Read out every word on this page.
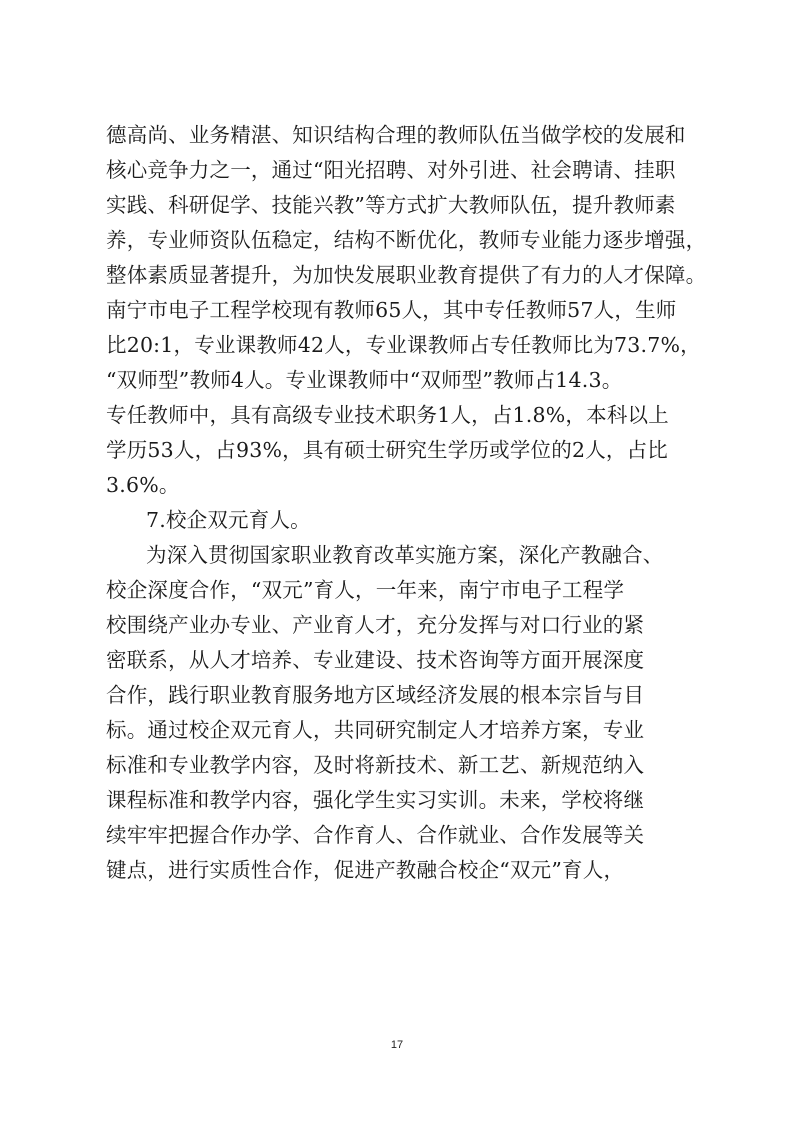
德高尚、业务精湛、知识结构合理的教师队伍当做学校的发展和
核心竞争力之一，通过“阳光招聘、对外引进、社会聘请、挂职
实践、科研促学、技能兴教”等方式扩大教师队伍，提升教师素
养，专业师资队伍稳定，结构不断优化，教师专业能力逐步增强，
整体素质显著提升，为加快发展职业教育提供了有力的人才保障。
南宁市电子工程学校现有教师65人，其中专任教师57人，生师
比20:1，专业课教师42人，专业课教师占专任教师比为73.7%，
“双师型”教师4人。专业课教师中“双师型”教师占14.3。
专任教师中，具有高级专业技术职务1人，占1.8%，本科以上
学历53人，占93%，具有硕士研究生学历或学位的2人，占比
3.6%。
7.校企双元育人。
为深入贯彻国家职业教育改革实施方案，深化产教融合、
校企深度合作，“双元”育人，一年来，南宁市电子工程学
校围绕产业办专业、产业育人才，充分发挥与对口行业的紧
密联系，从人才培养、专业建设、技术咨询等方面开展深度
合作，践行职业教育服务地方区域经济发展的根本宗旨与目
标。通过校企双元育人，共同研究制定人才培养方案，专业
标准和专业教学内容，及时将新技术、新工艺、新规范纳入
课程标准和教学内容，强化学生实习实训。未来，学校将继
续牢牢把握合作办学、合作育人、合作就业、合作发展等关
键点，进行实质性合作，促进产教融合校企“双元”育人，
17
